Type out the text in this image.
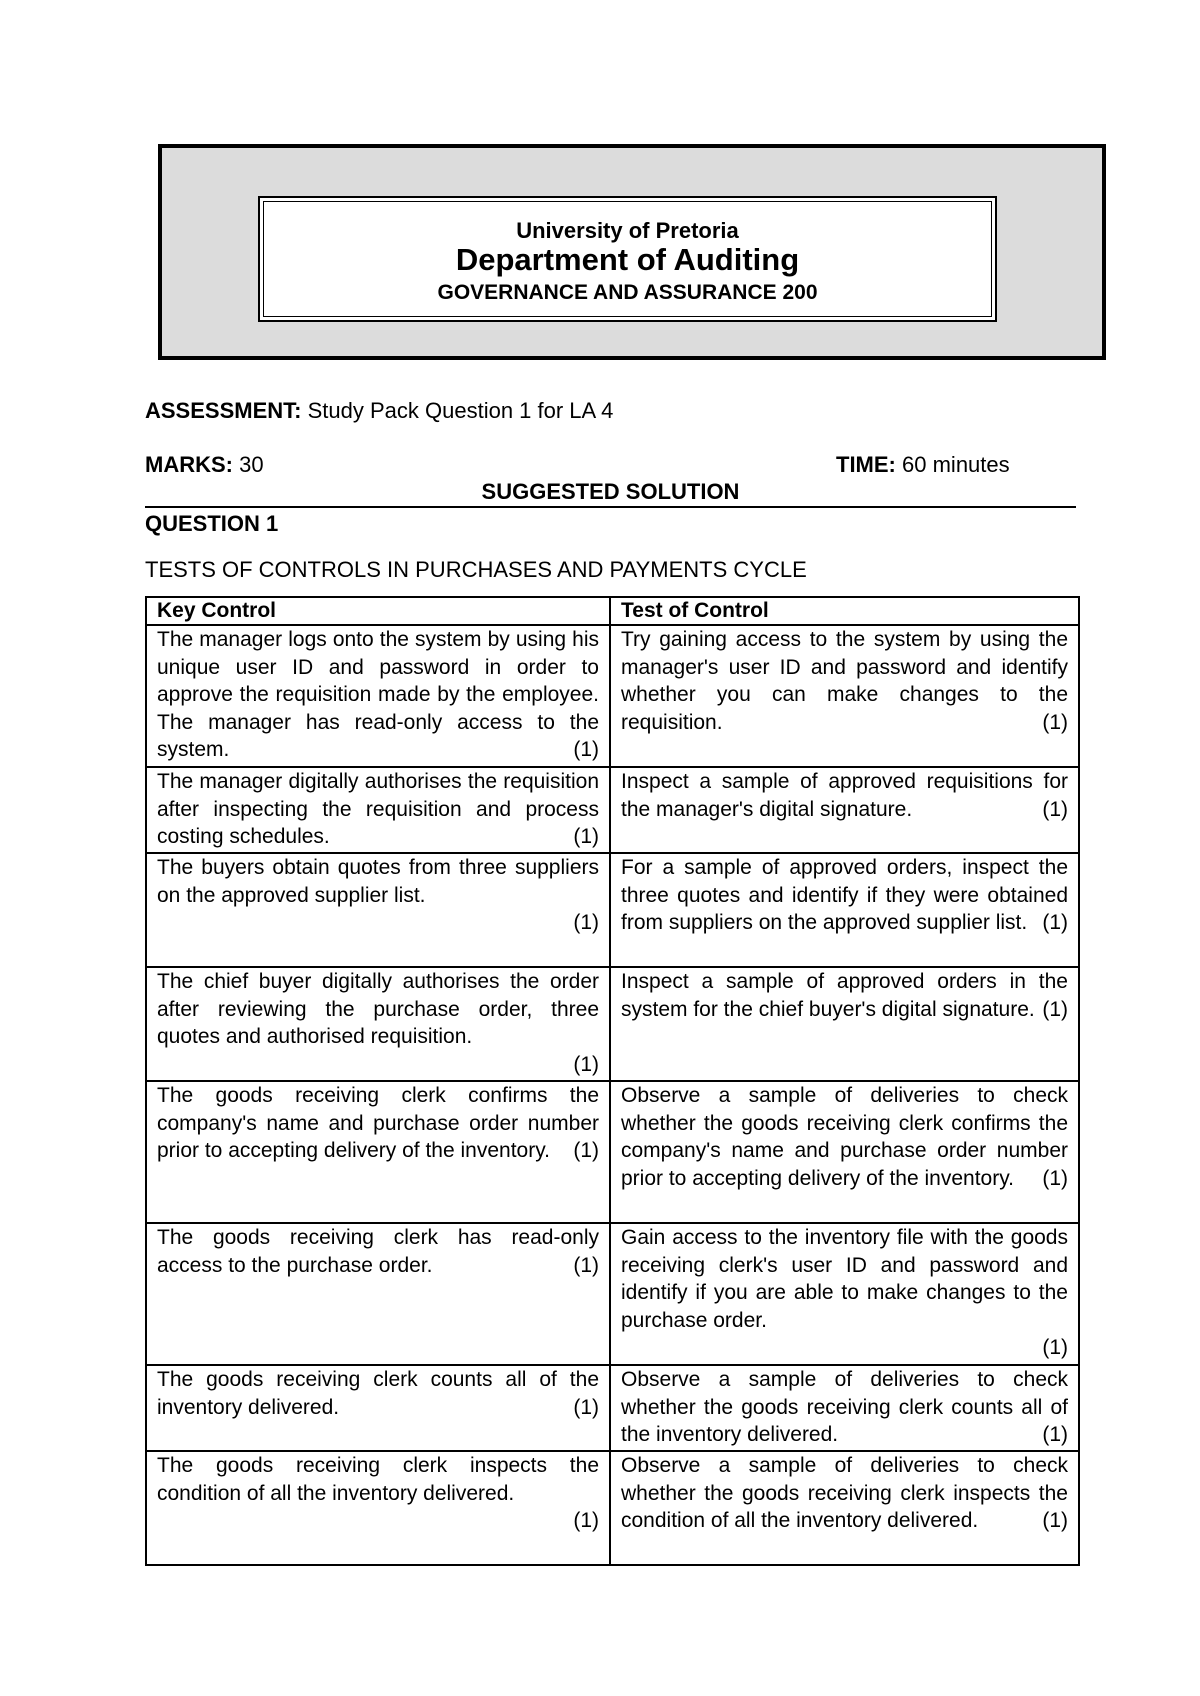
University of Pretoria
Department of Auditing
GOVERNANCE AND ASSURANCE 200
ASSESSMENT: Study Pack Question 1 for LA 4
MARKS: 30	TIME: 60 minutes
SUGGESTED SOLUTION
QUESTION 1
TESTS OF CONTROLS IN PURCHASES AND PAYMENTS CYCLE
Key Control	Test of Control
The manager logs onto the system by using his unique user ID and password in order to approve the requisition made by the employee. The manager has read-only access to the system. (1)	Try gaining access to the system by using the manager's user ID and password and identify whether you can make changes to the requisition. (1)

The manager digitally authorises the requisition after inspecting the requisition and process costing schedules. (1)	Inspect a sample of approved requisitions for the manager's digital signature. (1)

The buyers obtain quotes from three suppliers on the approved supplier list.
(1)	For a sample of approved orders, inspect the three quotes and identify if they were obtained from suppliers on the approved supplier list. (1)

The chief buyer digitally authorises the order after reviewing the purchase order, three quotes and authorised requisition.
(1)	Inspect a sample of approved orders in the system for the chief buyer's digital signature. (1)

The goods receiving clerk confirms the company's name and purchase order number prior to accepting delivery of the inventory. (1)	Observe a sample of deliveries to check whether the goods receiving clerk confirms the company's name and purchase order number prior to accepting delivery of the inventory. (1)

The goods receiving clerk has read-only access to the purchase order. (1)	Gain access to the inventory file with the goods receiving clerk's user ID and password and identify if you are able to make changes to the purchase order.
(1)

The goods receiving clerk counts all of the inventory delivered. (1)	Observe a sample of deliveries to check whether the goods receiving clerk counts all of the inventory delivered. (1)

The goods receiving clerk inspects the condition of all the inventory delivered.
(1)	Observe a sample of deliveries to check whether the goods receiving clerk inspects the condition of all the inventory delivered. (1)
